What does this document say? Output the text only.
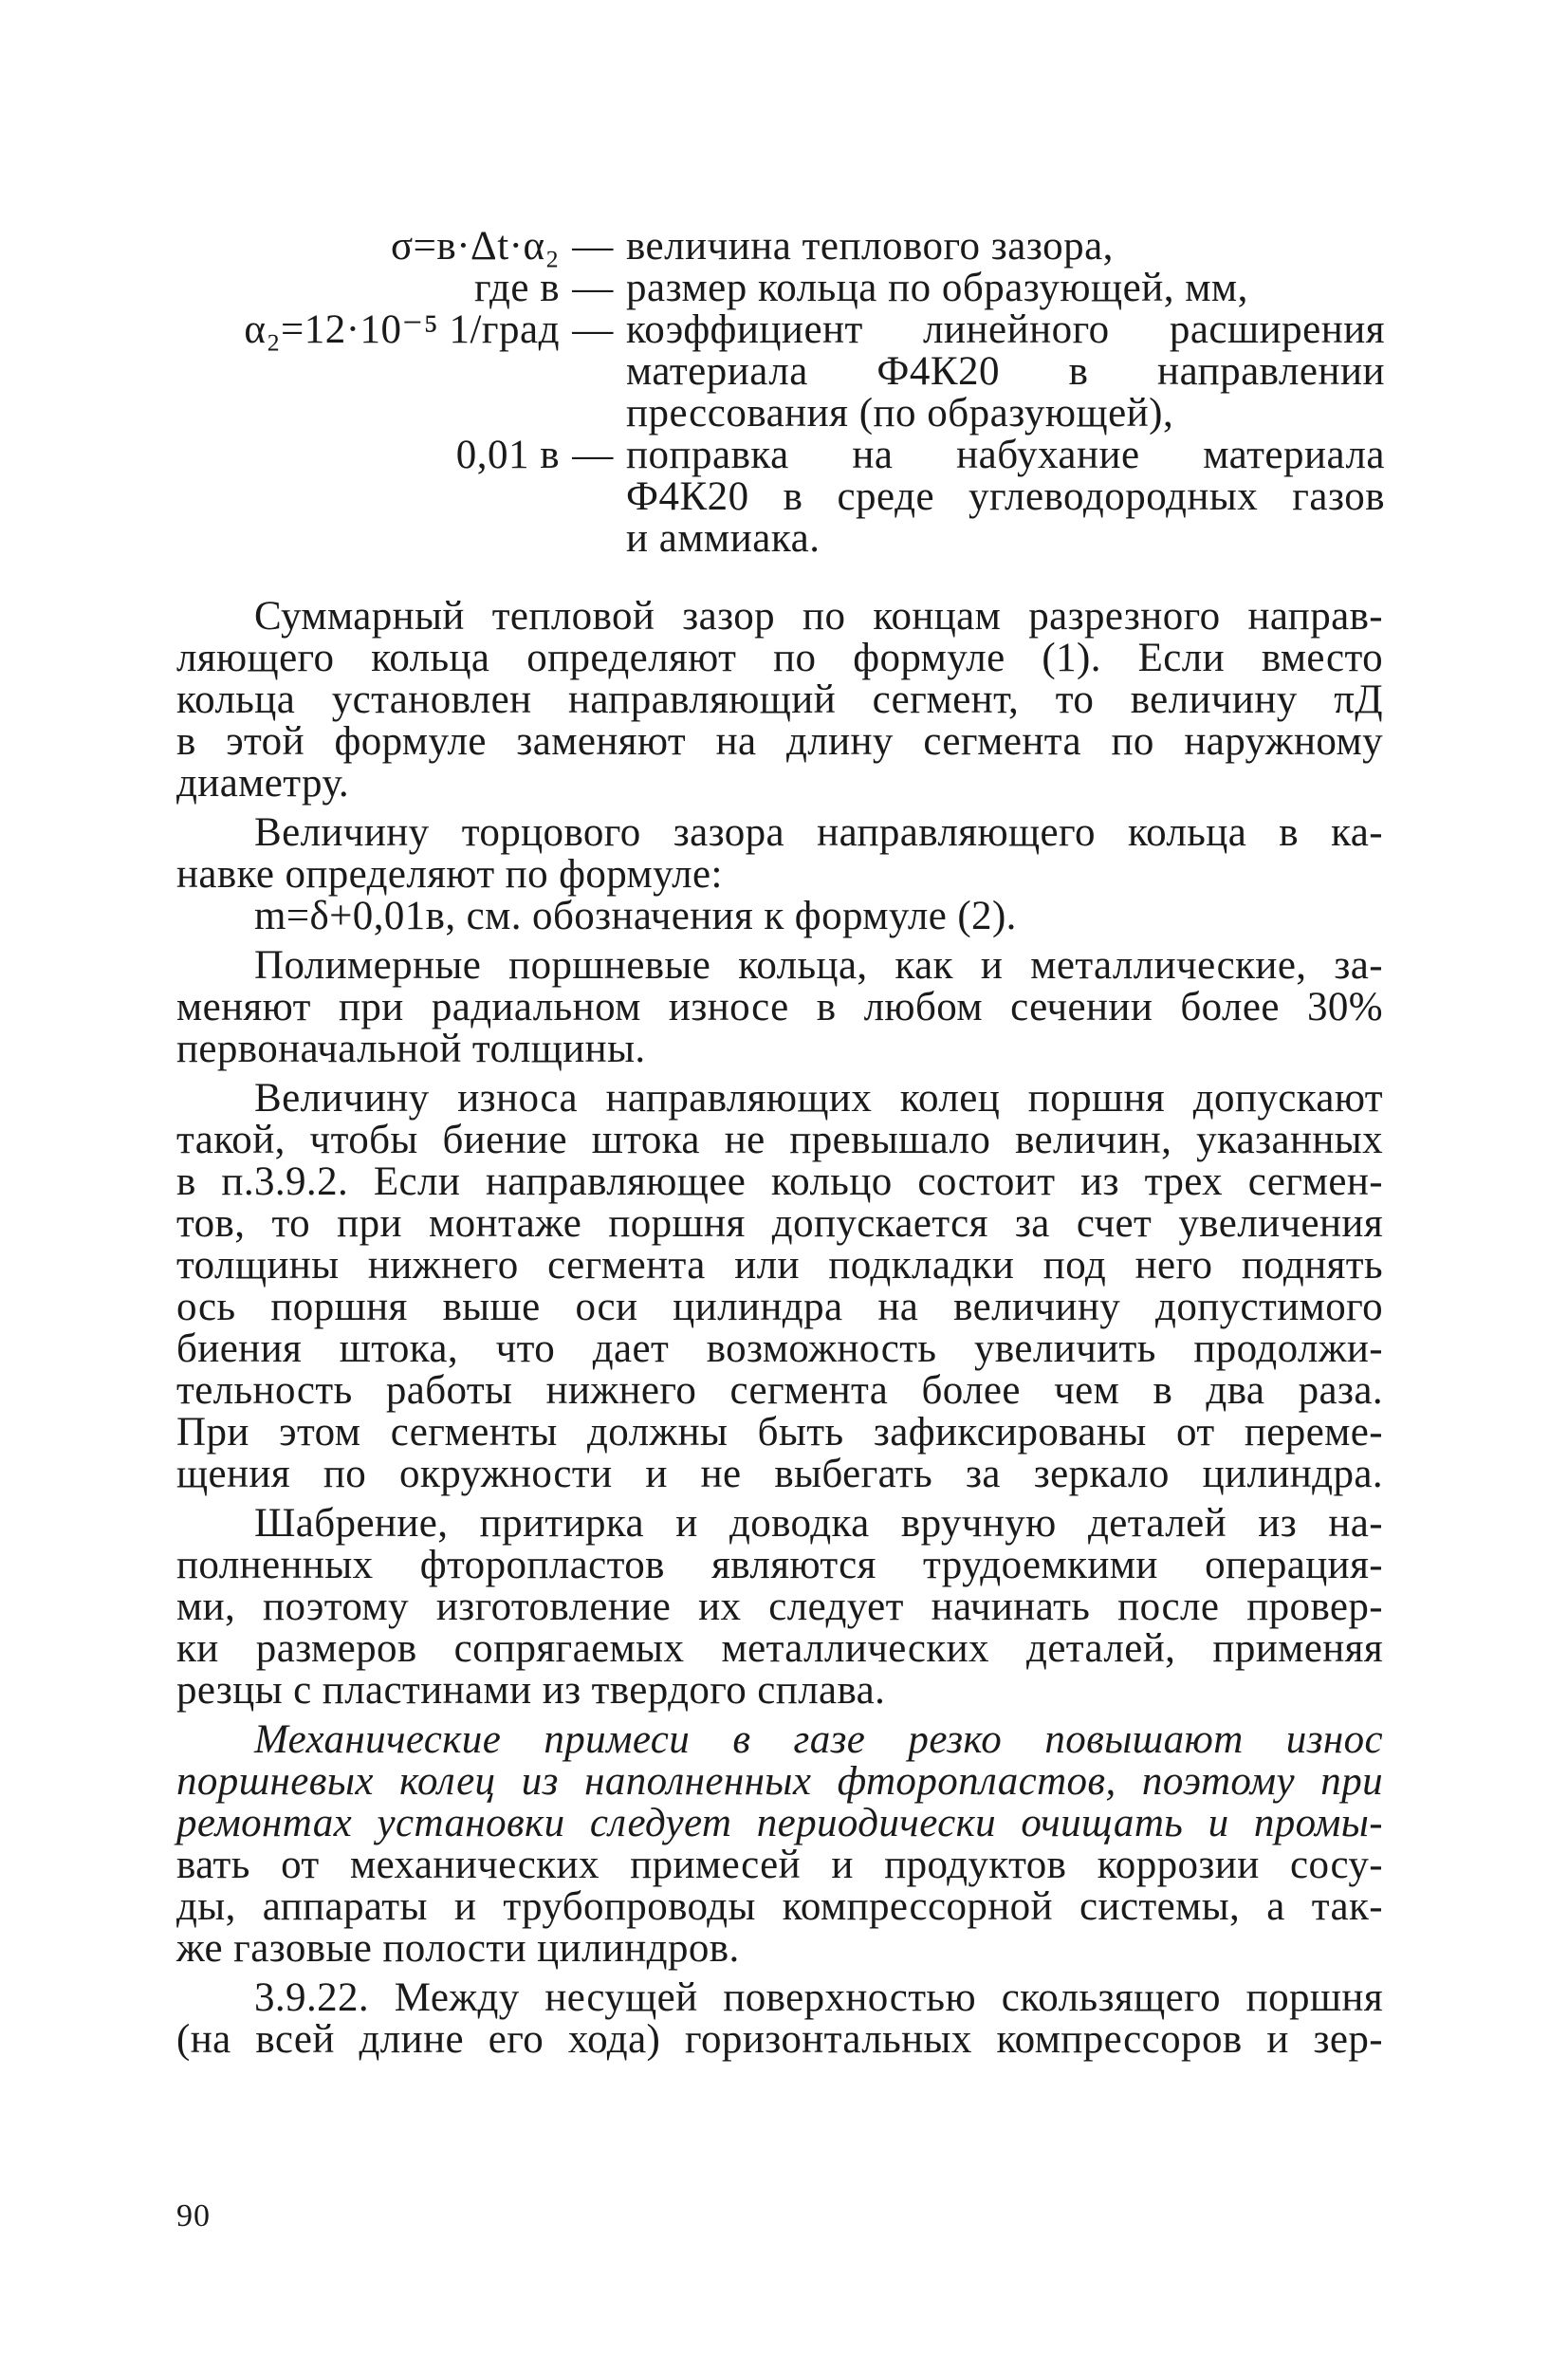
σ=в·Δt·α₂ — величина теплового зазора,
где в — размер кольца по образующей, мм,
α₂=12·10⁻⁵ 1/град — коэффициент линейного расширения
материала Ф4К20 в направлении
прессования (по образующей),
0,01 в — поправка на набухание материала
Ф4К20 в среде углеводородных газов
и аммиака.
Суммарный тепловой зазор по концам разрезного направ-
ляющего кольца определяют по формуле (1). Если вместо
кольца установлен направляющий сегмент, то величину πД
в этой формуле заменяют на длину сегмента по наружному
диаметру.
Величину торцового зазора направляющего кольца в ка-
навке определяют по формуле:
m=δ+0,01в, см. обозначения к формуле (2).
Полимерные поршневые кольца, как и металлические, за-
меняют при радиальном износе в любом сечении более 30%
первоначальной толщины.
Величину износа направляющих колец поршня допускают
такой, чтобы биение штока не превышало величин, указанных
в п.3.9.2. Если направляющее кольцо состоит из трех сегмен-
тов, то при монтаже поршня допускается за счет увеличения
толщины нижнего сегмента или подкладки под него поднять
ось поршня выше оси цилиндра на величину допустимого
биения штока, что дает возможность увеличить продолжи-
тельность работы нижнего сегмента более чем в два раза.
При этом сегменты должны быть зафиксированы от переме-
щения по окружности и не выбегать за зеркало цилиндра.
Шабрение, притирка и доводка вручную деталей из на-
полненных фторопластов являются трудоемкими операция-
ми, поэтому изготовление их следует начинать после провер-
ки размеров сопрягаемых металлических деталей, применяя
резцы с пластинами из твердого сплава.
Механические примеси в газе резко повышают износ
поршневых колец из наполненных фторопластов, поэтому при
ремонтах установки следует периодически очищать и промы-
вать от механических примесей и продуктов коррозии сосу-
ды, аппараты и трубопроводы компрессорной системы, а так-
же газовые полости цилиндров.
3.9.22. Между несущей поверхностью скользящего поршня
(на всей длине его хода) горизонтальных компрессоров и зер-
90
